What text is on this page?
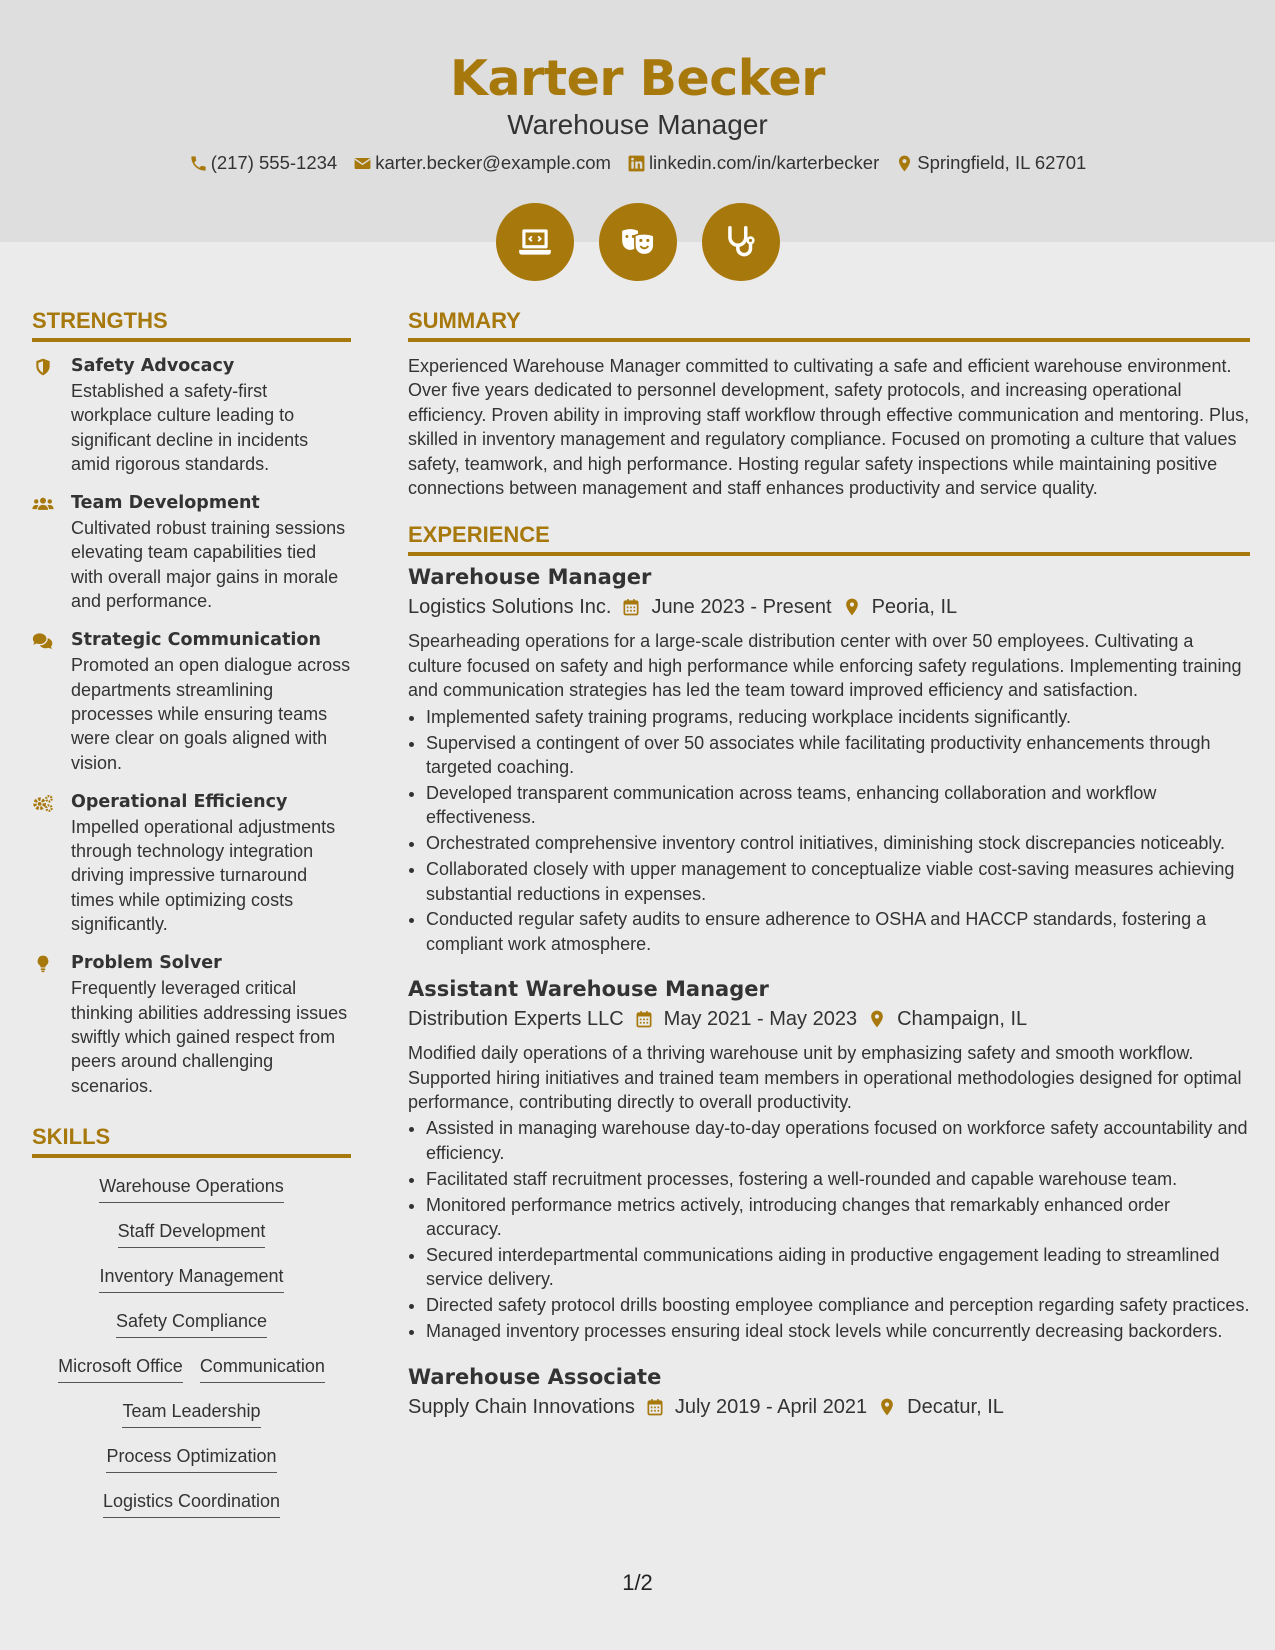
Karter Becker
Warehouse Manager
(217) 555-1234 karter.becker@example.com linkedin.com/in/karterbecker Springfield, IL 62701
STRENGTHS
Safety Advocacy
Established a safety-first workplace culture leading to significant decline in incidents amid rigorous standards.
Team Development
Cultivated robust training sessions elevating team capabilities tied with overall major gains in morale and performance.
Strategic Communication
Promoted an open dialogue across departments streamlining processes while ensuring teams were clear on goals aligned with vision.
Operational Efficiency
Impelled operational adjustments through technology integration driving impressive turnaround times while optimizing costs significantly.
Problem Solver
Frequently leveraged critical thinking abilities addressing issues swiftly which gained respect from peers around challenging scenarios.
SKILLS
Warehouse Operations
Staff Development
Inventory Management
Safety Compliance
Microsoft Office Communication
Team Leadership
Process Optimization
Logistics Coordination
SUMMARY
Experienced Warehouse Manager committed to cultivating a safe and efficient warehouse environment. Over five years dedicated to personnel development, safety protocols, and increasing operational efficiency. Proven ability in improving staff workflow through effective communication and mentoring. Plus, skilled in inventory management and regulatory compliance. Focused on promoting a culture that values safety, teamwork, and high performance. Hosting regular safety inspections while maintaining positive connections between management and staff enhances productivity and service quality.
EXPERIENCE
Warehouse Manager
Logistics Solutions Inc. June 2023 - Present Peoria, IL
Spearheading operations for a large-scale distribution center with over 50 employees. Cultivating a culture focused on safety and high performance while enforcing safety regulations. Implementing training and communication strategies has led the team toward improved efficiency and satisfaction.
• Implemented safety training programs, reducing workplace incidents significantly.
• Supervised a contingent of over 50 associates while facilitating productivity enhancements through targeted coaching.
• Developed transparent communication across teams, enhancing collaboration and workflow effectiveness.
• Orchestrated comprehensive inventory control initiatives, diminishing stock discrepancies noticeably.
• Collaborated closely with upper management to conceptualize viable cost-saving measures achieving substantial reductions in expenses.
• Conducted regular safety audits to ensure adherence to OSHA and HACCP standards, fostering a compliant work atmosphere.
Assistant Warehouse Manager
Distribution Experts LLC May 2021 - May 2023 Champaign, IL
Modified daily operations of a thriving warehouse unit by emphasizing safety and smooth workflow. Supported hiring initiatives and trained team members in operational methodologies designed for optimal performance, contributing directly to overall productivity.
• Assisted in managing warehouse day-to-day operations focused on workforce safety accountability and efficiency.
• Facilitated staff recruitment processes, fostering a well-rounded and capable warehouse team.
• Monitored performance metrics actively, introducing changes that remarkably enhanced order accuracy.
• Secured interdepartmental communications aiding in productive engagement leading to streamlined service delivery.
• Directed safety protocol drills boosting employee compliance and perception regarding safety practices.
• Managed inventory processes ensuring ideal stock levels while concurrently decreasing backorders.
Warehouse Associate
Supply Chain Innovations July 2019 - April 2021 Decatur, IL
1/2
